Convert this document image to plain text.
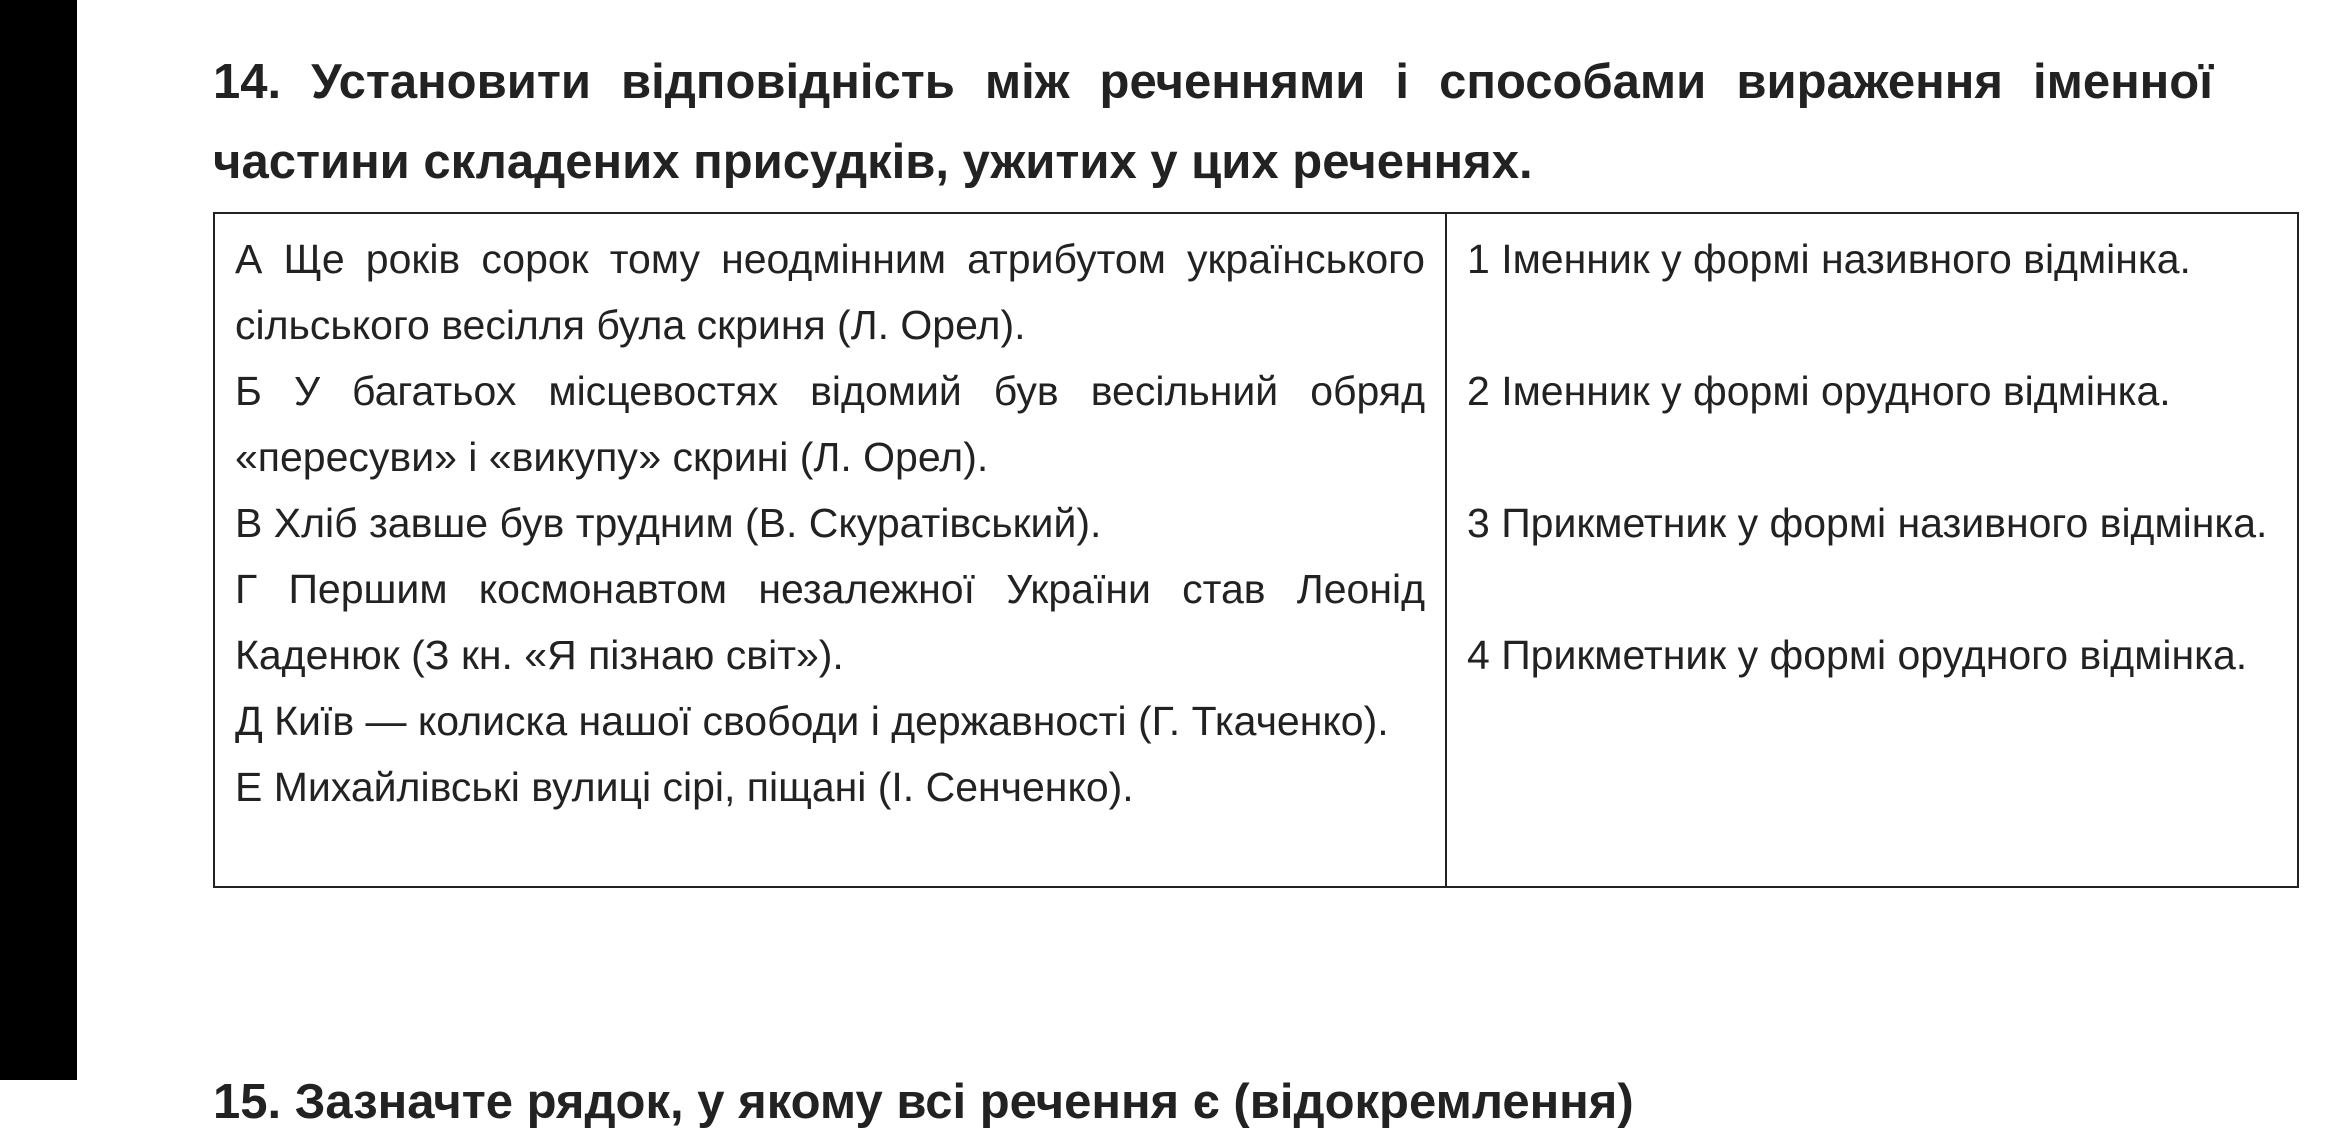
14. Установити відповідність між реченнями і способами вираження іменної частини складених присудків, ужитих у цих реченнях.

А Ще років сорок тому неодмінним атрибутом українського сільського весілля була скриня (Л. Орел).
Б У багатьох місцевостях відомий був весільний обряд «пересуви» і «викупу» скрині (Л. Орел).
В Хліб завше був трудним (В. Скуратівський).
Г Першим космонавтом незалежної України став Леонід Каденюк (З кн. «Я пізнаю світ»).
Д Київ — колиска нашої свободи і державності (Г. Ткаченко).
Е Михайлівські вулиці сірі, піщані (І. Сенченко).

1 Іменник у формі називного відмінка.
2 Іменник у формі орудного відмінка.
3 Прикметник у формі називного відмінка.
4 Прикметник у формі орудного відмінка.
15. Зазначте рядок, у якому всі речення є (відокремлення)
